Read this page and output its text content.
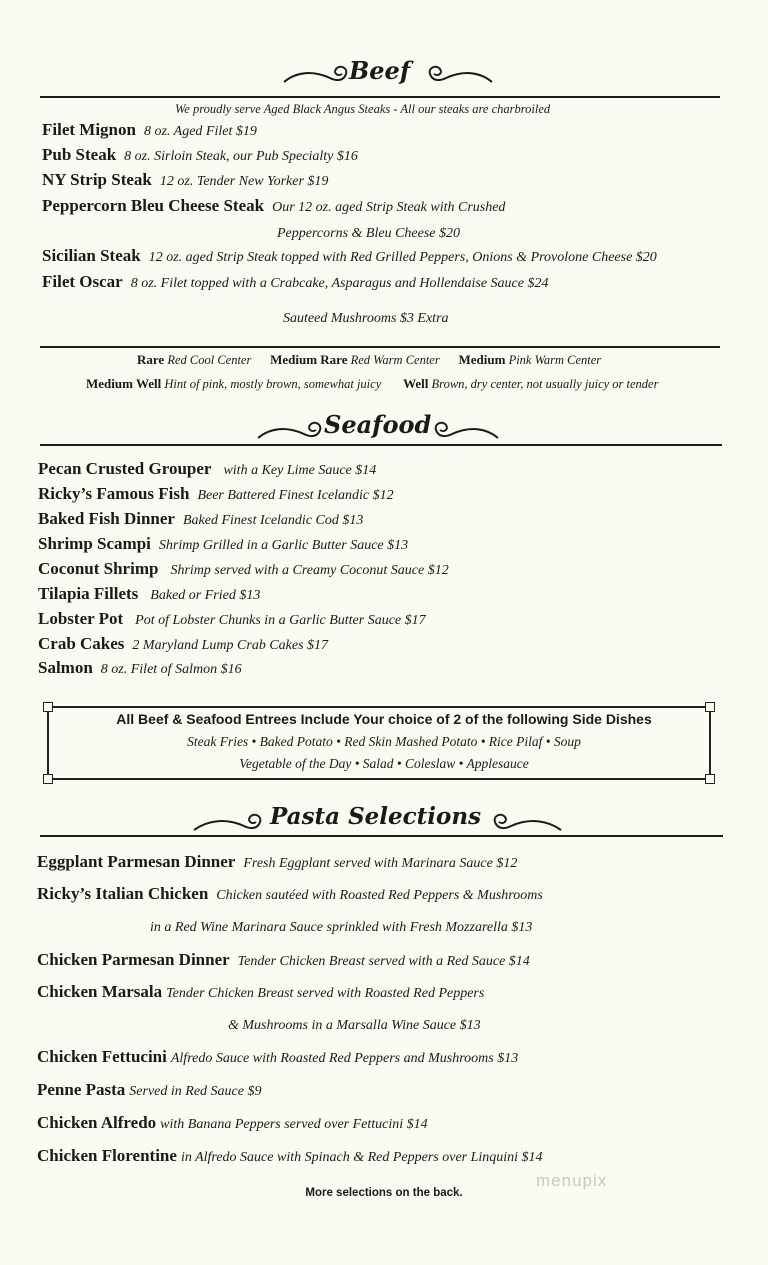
Beef
We proudly serve Aged Black Angus Steaks - All our steaks are charbroiled
Filet Mignon 8 oz. Aged Filet $19
Pub Steak 8 oz. Sirloin Steak, our Pub Specialty $16
NY Strip Steak 12 oz. Tender New Yorker $19
Peppercorn Bleu Cheese Steak Our 12 oz. aged Strip Steak with Crushed
Peppercorns & Bleu Cheese $20
Sicilian Steak 12 oz. aged Strip Steak topped with Red Grilled Peppers, Onions & Provolone Cheese $20
Filet Oscar 8 oz. Filet topped with a Crabcake, Asparagus and Hollendaise Sauce $24
Sauteed Mushrooms $3 Extra
Rare Red Cool Center Medium Rare Red Warm Center Medium Pink Warm Center
Medium Well Hint of pink, mostly brown, somewhat juicy Well Brown, dry center, not usually juicy or tender
Seafood
Pecan Crusted Grouper with a Key Lime Sauce $14
Ricky’s Famous Fish Beer Battered Finest Icelandic $12
Baked Fish Dinner Baked Finest Icelandic Cod $13
Shrimp Scampi Shrimp Grilled in a Garlic Butter Sauce $13
Coconut Shrimp Shrimp served with a Creamy Coconut Sauce $12
Tilapia Fillets Baked or Fried $13
Lobster Pot Pot of Lobster Chunks in a Garlic Butter Sauce $17
Crab Cakes 2 Maryland Lump Crab Cakes $17
Salmon 8 oz. Filet of Salmon $16
All Beef & Seafood Entrees Include Your choice of 2 of the following Side Dishes
Steak Fries • Baked Potato • Red Skin Mashed Potato • Rice Pilaf • Soup
Vegetable of the Day • Salad • Coleslaw • Applesauce
Pasta Selections
Eggplant Parmesan Dinner Fresh Eggplant served with Marinara Sauce $12
Ricky’s Italian Chicken Chicken sautéed with Roasted Red Peppers & Mushrooms
in a Red Wine Marinara Sauce sprinkled with Fresh Mozzarella $13
Chicken Parmesan Dinner Tender Chicken Breast served with a Red Sauce $14
Chicken Marsala Tender Chicken Breast served with Roasted Red Peppers
& Mushrooms in a Marsalla Wine Sauce $13
Chicken Fettucini Alfredo Sauce with Roasted Red Peppers and Mushrooms $13
Penne Pasta Served in Red Sauce $9
Chicken Alfredo with Banana Peppers served over Fettucini $14
Chicken Florentine in Alfredo Sauce with Spinach & Red Peppers over Linquini $14
menupix
More selections on the back.
